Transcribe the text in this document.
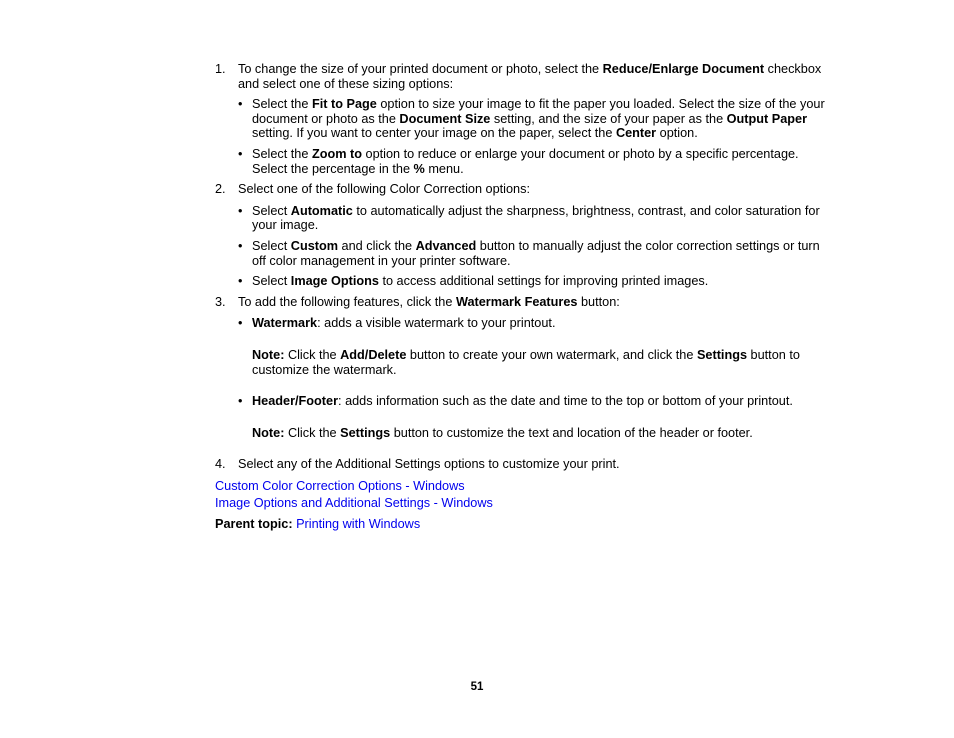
1. To change the size of your printed document or photo, select the Reduce/Enlarge Document checkbox and select one of these sizing options:
• Select the Fit to Page option to size your image to fit the paper you loaded. Select the size of the your document or photo as the Document Size setting, and the size of your paper as the Output Paper setting. If you want to center your image on the paper, select the Center option.
• Select the Zoom to option to reduce or enlarge your document or photo by a specific percentage. Select the percentage in the % menu.
2. Select one of the following Color Correction options:
• Select Automatic to automatically adjust the sharpness, brightness, contrast, and color saturation for your image.
• Select Custom and click the Advanced button to manually adjust the color correction settings or turn off color management in your printer software.
• Select Image Options to access additional settings for improving printed images.
3. To add the following features, click the Watermark Features button:
• Watermark: adds a visible watermark to your printout.
Note: Click the Add/Delete button to create your own watermark, and click the Settings button to customize the watermark.
• Header/Footer: adds information such as the date and time to the top or bottom of your printout.
Note: Click the Settings button to customize the text and location of the header or footer.
4. Select any of the Additional Settings options to customize your print.
Custom Color Correction Options - Windows
Image Options and Additional Settings - Windows
Parent topic: Printing with Windows
51
